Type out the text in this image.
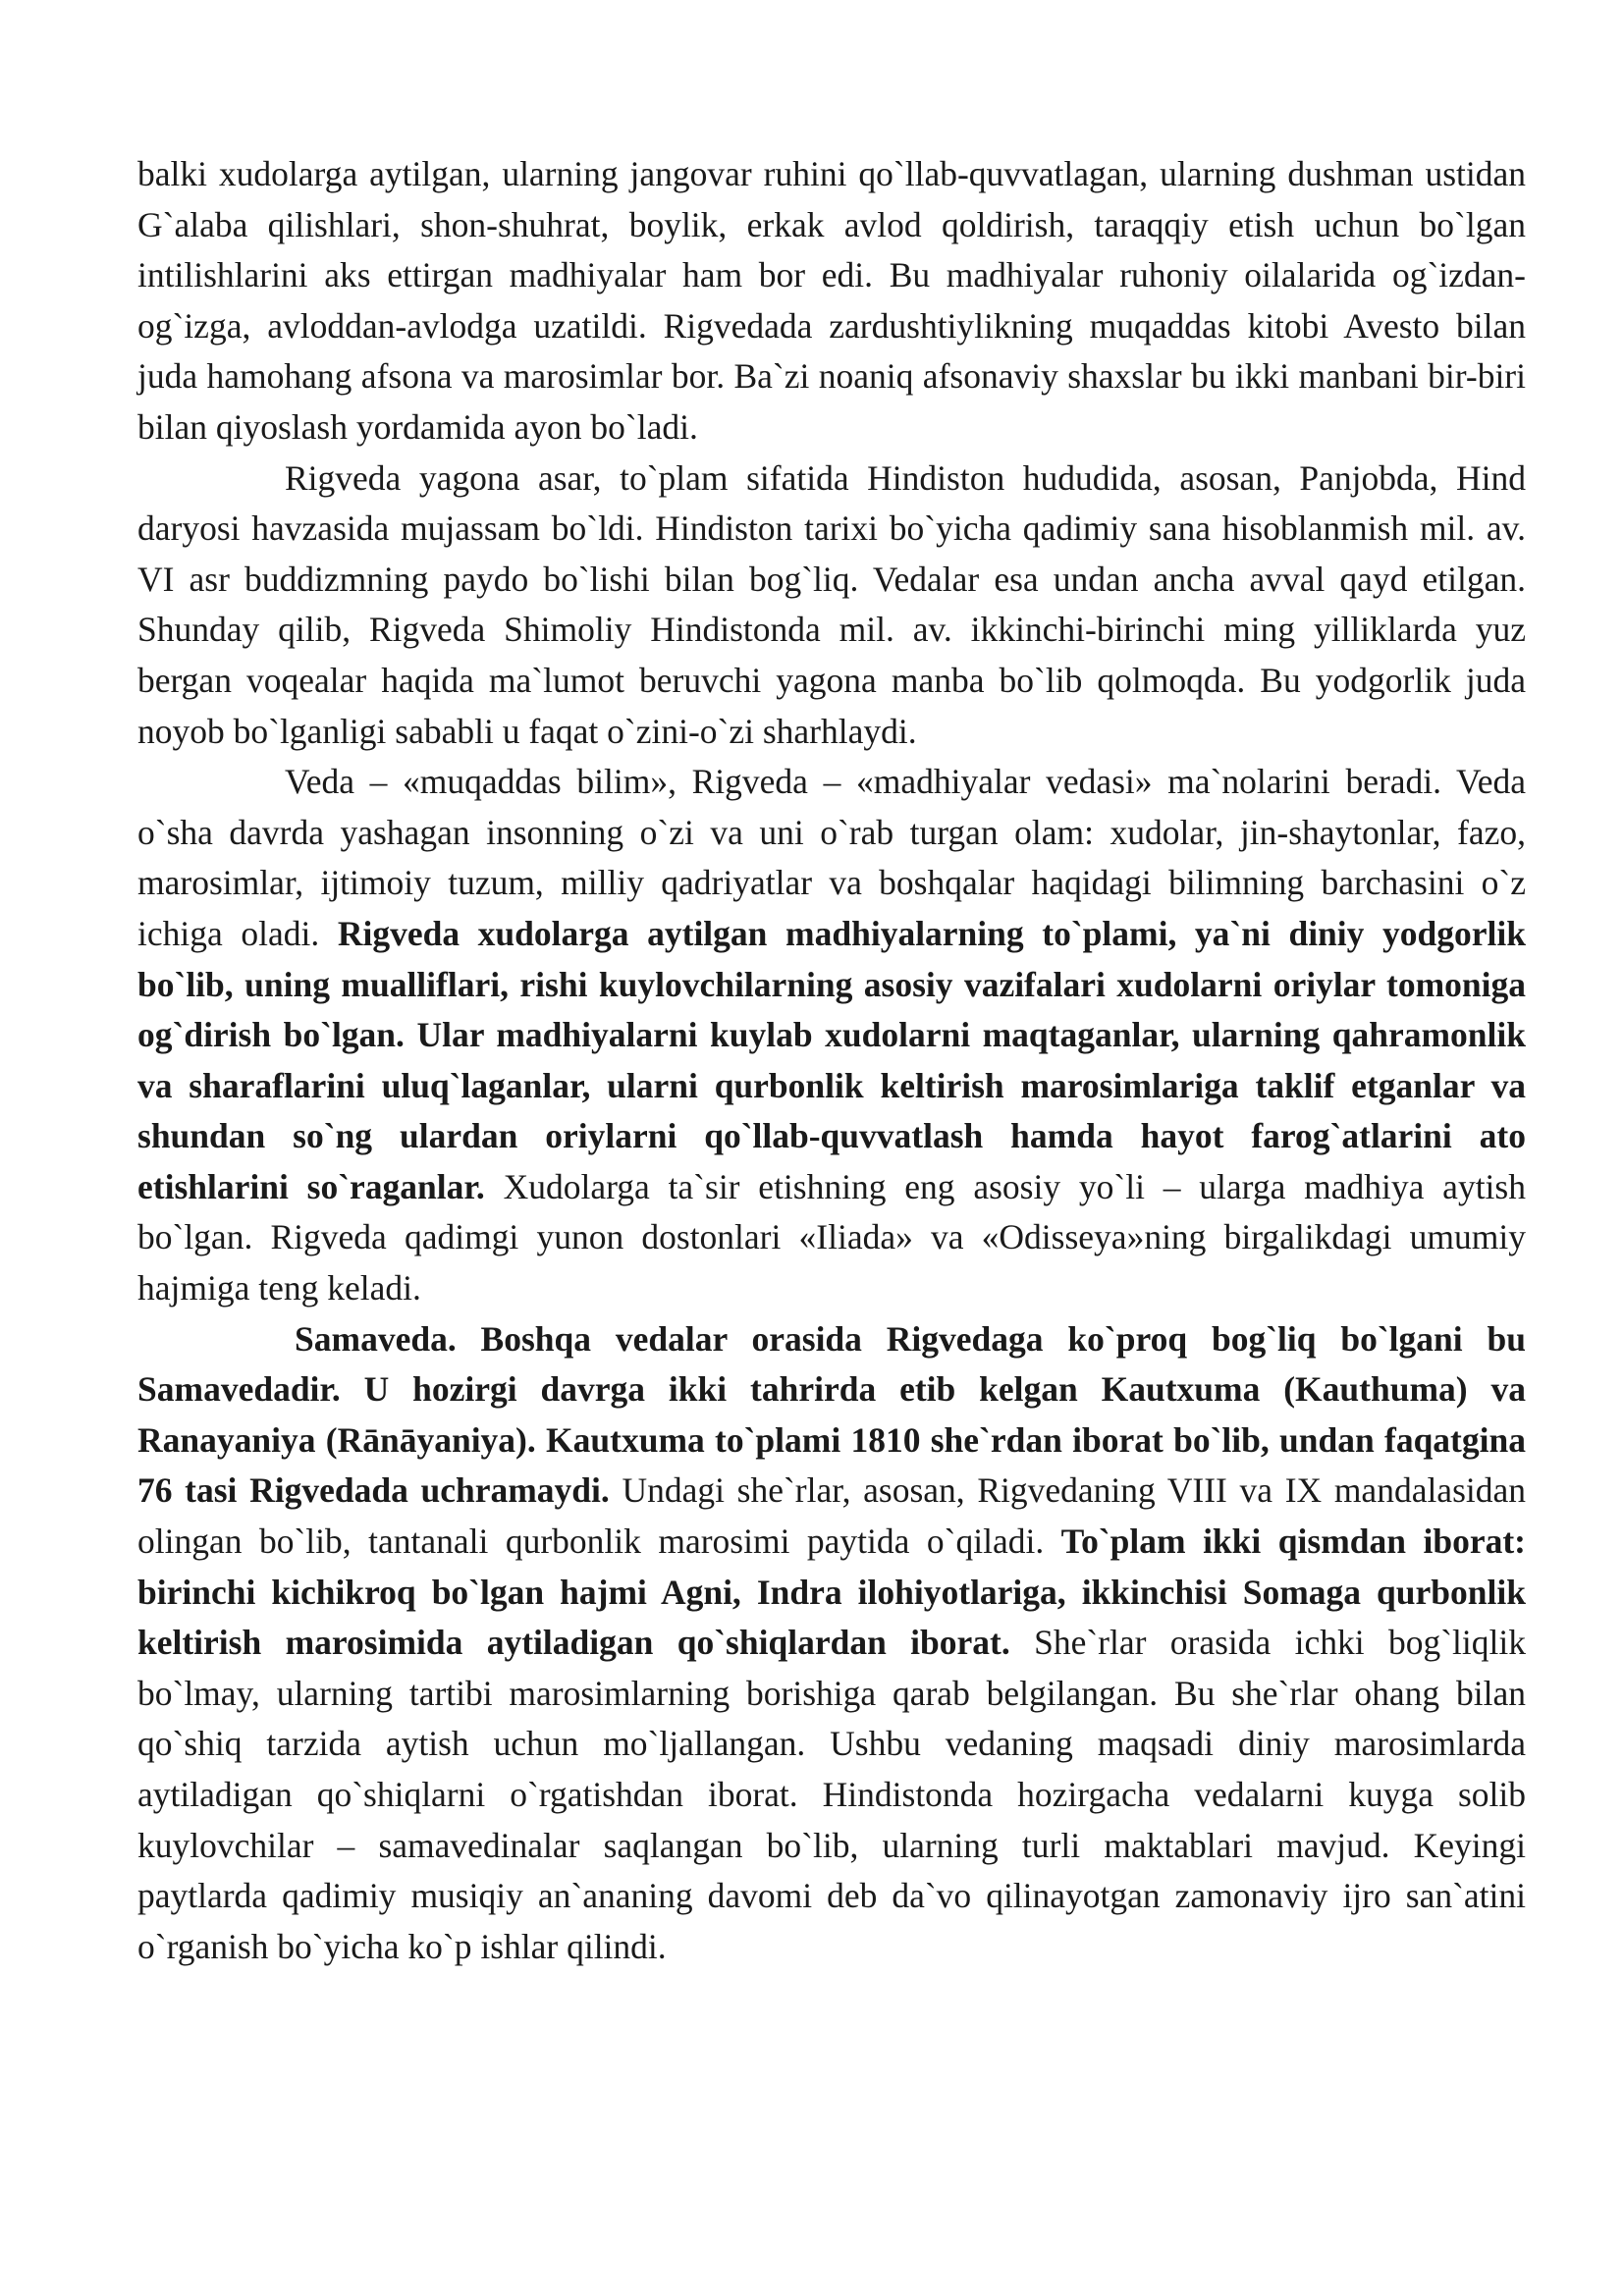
balki xudolarga aytilgan, ularning jangovar ruhini qo`llab-quvvatlagan, ularning dushman ustidan G`alaba qilishlari, shon-shuhrat, boylik, erkak avlod qoldirish, taraqqiy etish uchun bo`lgan intilishlarini aks ettirgan madhiyalar ham bor edi. Bu madhiyalar ruhoniy oilalarida og`izdan-og`izga, avloddan-avlodga uzatildi. Rigvedada zardushtiylikning muqaddas kitobi Avesto bilan juda hamohang afsona va marosimlar bor. Ba`zi noaniq afsonaviy shaxslar bu ikki manbani bir-biri bilan qiyoslash yordamida ayon bo`ladi.

Rigveda yagona asar, to`plam sifatida Hindiston hududida, asosan, Panjobda, Hind daryosi havzasida mujassam bo`ldi. Hindiston tarixi bo`yicha qadimiy sana hisoblanmish mil. av. VI asr buddizmning paydo bo`lishi bilan bog`liq. Vedalar esa undan ancha avval qayd etilgan. Shunday qilib, Rigveda Shimoliy Hindistonda mil. av. ikkinchi-birinchi ming yilliklarda yuz bergan voqealar haqida ma`lumot beruvchi yagona manba bo`lib qolmoqda. Bu yodgorlik juda noyob bo`lganligi sababli u faqat o`zini-o`zi sharhlaydi.

Veda – «muqaddas bilim», Rigveda – «madhiyalar vedasi» ma`nolarini beradi. Veda o`sha davrda yashagan insonning o`zi va uni o`rab turgan olam: xudolar, jin-shaytonlar, fazo, marosimlar, ijtimoiy tuzum, milliy qadriyatlar va boshqalar haqidagi bilimning barchasini o`z ichiga oladi. Rigveda xudolarga aytilgan madhiyalarning to`plami, ya`ni diniy yodgorlik bo`lib, uning mualliflari, rishi kuylovchilarning asosiy vazifalari xudolarni oriylar tomoniga og`dirish bo`lgan. Ular madhiyalarni kuylab xudolarni maqtaganlar, ularning qahramonlik va sharaflarini uluq`laganlar, ularni qurbonlik keltirish marosimlariga taklif etganlar va shundan so`ng ulardan oriylarni qo`llab-quvvatlash hamda hayot farog`atlarini ato etishlarini so`raganlar. Xudolarga ta`sir etishning eng asosiy yo`li – ularga madhiya aytish bo`lgan. Rigveda qadimgi yunon dostonlari «Iliada» va «Odisseya»ning birgalikdagi umumiy hajmiga teng keladi.

Samaveda. Boshqa vedalar orasida Rigvedaga ko`proq bog`liq bo`lgani bu Samavedadir. U hozirgi davrga ikki tahrirda etib kelgan Kautxuma (Kauthuma) va Ranayaniya (Rānāyaniya). Kautxuma to`plami 1810 she`rdan iborat bo`lib, undan faqatgina 76 tasi Rigvedada uchramaydi. Undagi she`rlar, asosan, Rigvedaning VIII va IX mandalasidan olingan bo`lib, tantanali qurbonlik marosimi paytida o`qiladi. To`plam ikki qismdan iborat: birinchi kichikroq bo`lgan hajmi Agni, Indra ilohiyotlariga, ikkinchisi Somaga qurbonlik keltirish marosimida aytiladigan qo`shiqlardan iborat. She`rlar orasida ichki bog`liqlik bo`lmay, ularning tartibi marosimlarning borishiga qarab belgilangan. Bu she`rlar ohang bilan qo`shiq tarzida aytish uchun mo`ljallangan. Ushbu vedaning maqsadi diniy marosimlarda aytiladigan qo`shiqlarni o`rgatishdan iborat. Hindistonda hozirgacha vedalarni kuyga solib kuylovchilar – samavedinalar saqlangan bo`lib, ularning turli maktablari mavjud. Keyingi paytlarda qadimiy musiqiy an`ananing davomi deb da`vo qilinayotgan zamonaviy ijro san`atini o`rganish bo`yicha ko`p ishlar qilindi.
